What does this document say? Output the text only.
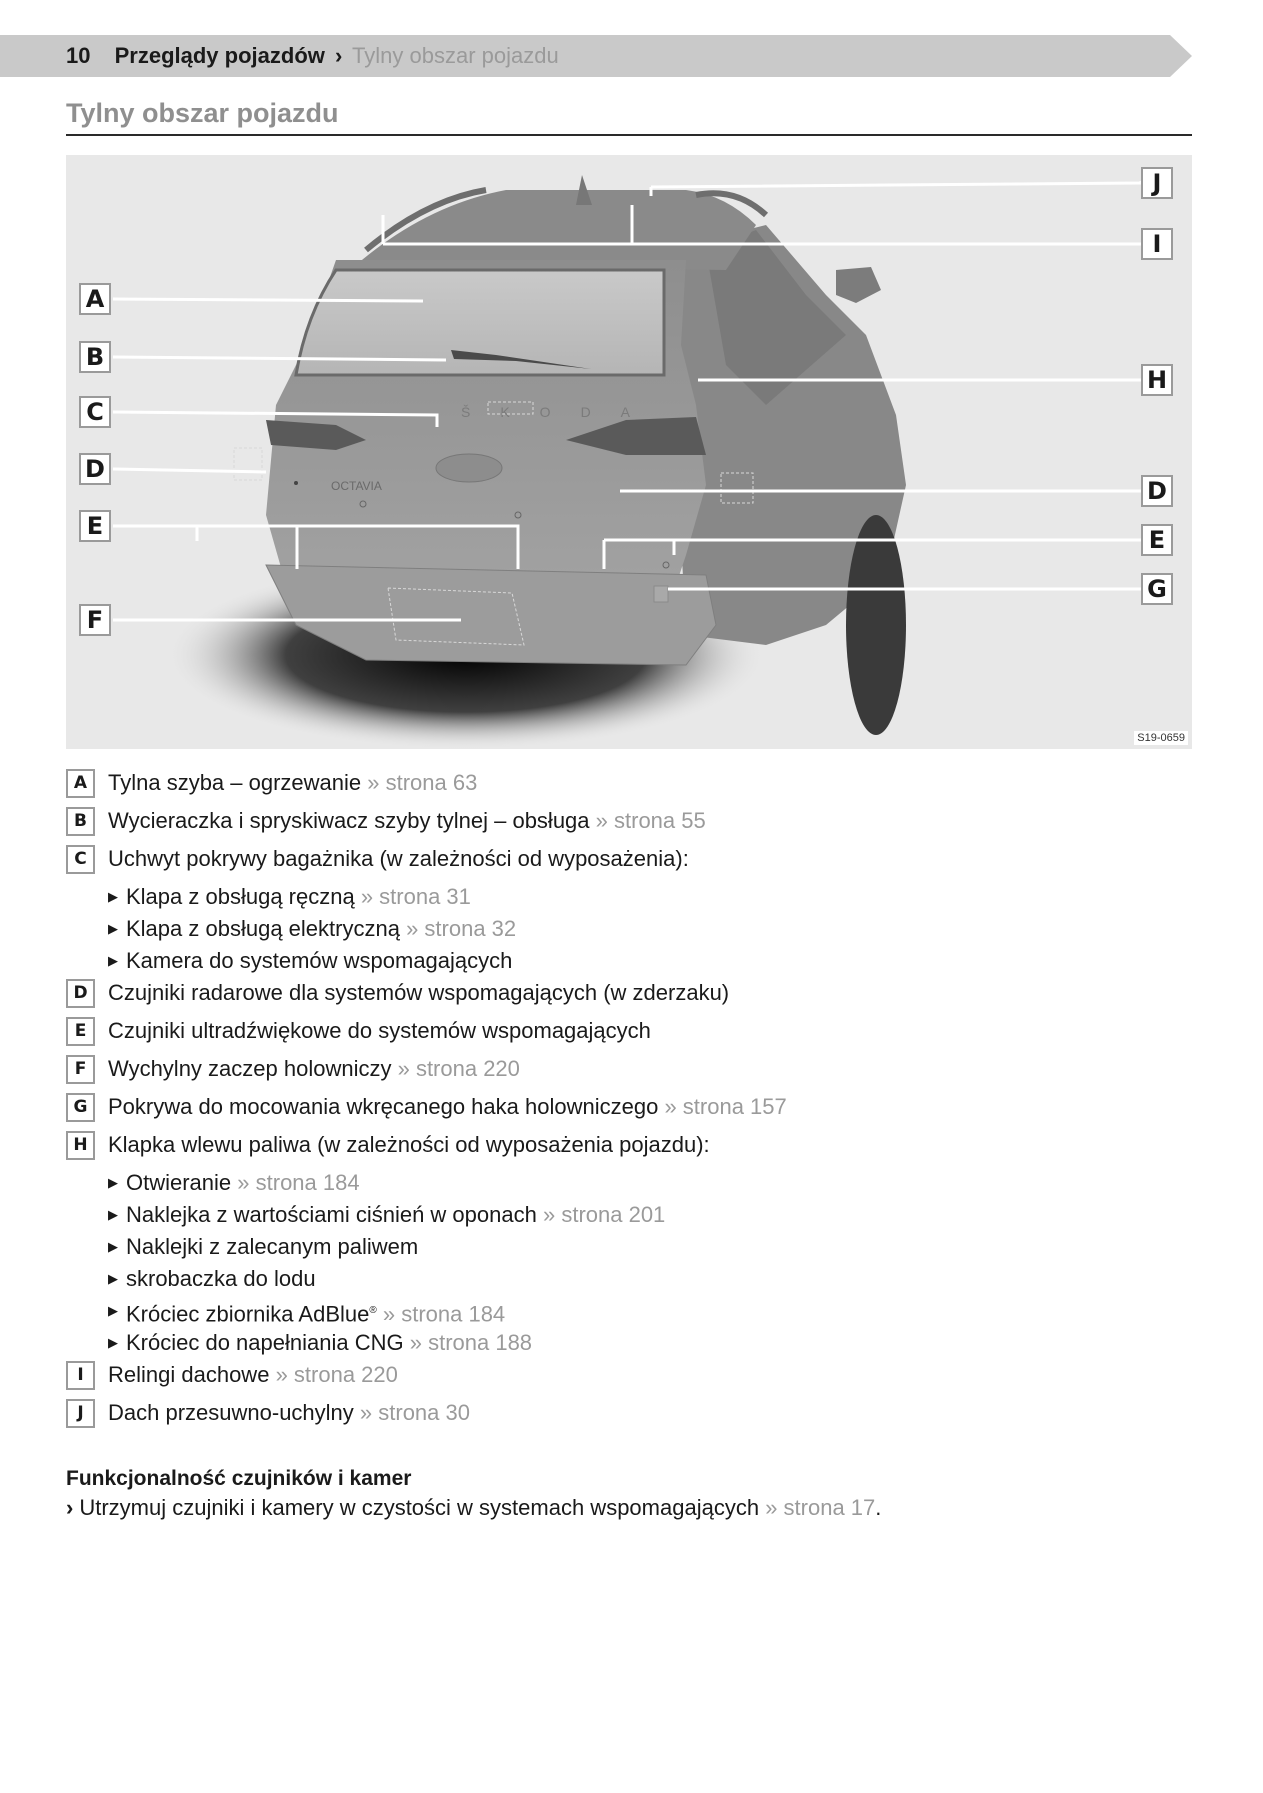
10 Przeglądy pojazdów › Tylny obszar pojazdu
Tylny obszar pojazdu
ŠKODA
OCTAVIA
A
B
C
D
E
F
J
I
H
D
E
G
S19-0659
A Tylna szyba – ogrzewanie » strona 63
B Wycieraczka i spryskiwacz szyby tylnej – obsługa » strona 55
C Uchwyt pokrywy bagażnika (w zależności od wyposażenia):
▶ Klapa z obsługą ręczną » strona 31
▶ Klapa z obsługą elektryczną » strona 32
▶ Kamera do systemów wspomagających
D Czujniki radarowe dla systemów wspomagających (w zderzaku)
E Czujniki ultradźwiękowe do systemów wspomagających
F Wychylny zaczep holowniczy » strona 220
G Pokrywa do mocowania wkręcanego haka holowniczego » strona 157
H Klapka wlewu paliwa (w zależności od wyposażenia pojazdu):
▶ Otwieranie » strona 184
▶ Naklejka z wartościami ciśnień w oponach » strona 201
▶ Naklejki z zalecanym paliwem
▶ skrobaczka do lodu
▶ Króciec zbiornika AdBlue® » strona 184
▶ Króciec do napełniania CNG » strona 188
I	Relingi dachowe » strona 220
J	Dach przesuwno-uchylny » strona 30
Funkcjonalność czujników i kamer
› Utrzymuj czujniki i kamery w czystości w systemach wspomagających » strona 17.
